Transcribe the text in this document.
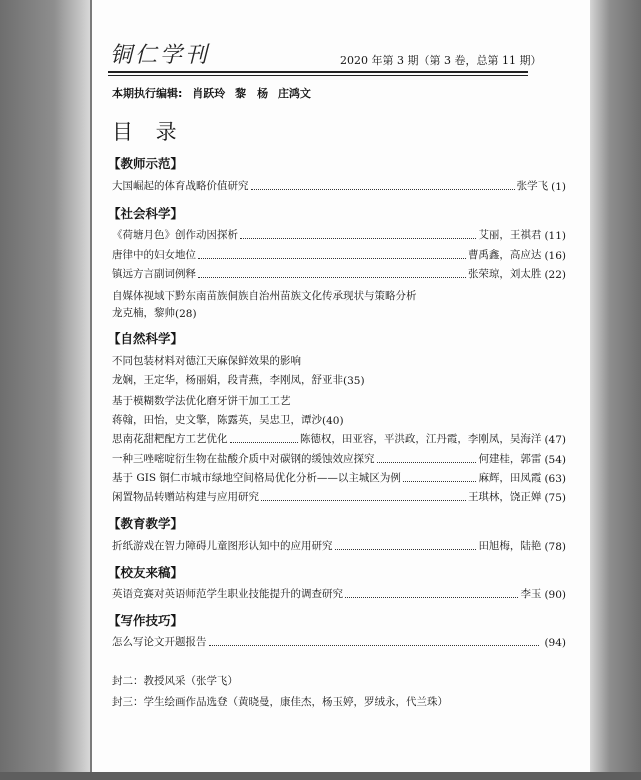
铜仁学刊	2020 年第 3 期（第 3 卷，总第 11 期）
本期执行编辑: 肖跃玲 黎　杨 庄鸿文
目 录
【教师示范】
大国崛起的体育战略价值研究	张学飞 (1)
【社会科学】
《荷塘月色》创作动因探析	艾丽，王祺君 (11)
唐律中的妇女地位	曹禹鑫，高应达 (16)
镇远方言副词例释	张荣琼，刘太胜 (22)
自媒体视域下黔东南苗族侗族自治州苗族文化传承现状与策略分析
龙克楠，黎帅 (28)
【自然科学】
不同包装材料对德江天麻保鲜效果的影响
龙娴，王定华，杨丽娟，段青燕，李刚凤，舒亚非 (35)
基于模糊数学法优化磨牙饼干加工工艺
蒋翰，田怡，史文擎，陈露英，吴忠卫，谭沙 (40)
思南花甜粑配方工艺优化	陈德权，田亚容，平洪政，江丹霞，李刚凤，吴海洋 (47)
一种三唑嘧啶衍生物在盐酸介质中对碳钢的缓蚀效应探究	何建桂，郭雷 (54)
基于 GIS 铜仁市城市绿地空间格局优化分析——以主城区为例	麻辉，田凤霞 (63)
闲置物品转赠站构建与应用研究	王琪林，饶正婵 (75)
【教育教学】
折纸游戏在智力障碍儿童图形认知中的应用研究	田旭梅，陆艳 (78)
【校友来稿】
英语竞赛对英语师范学生职业技能提升的调查研究	李玉 (90)
【写作技巧】
怎么写论文开题报告	(94)
封二：教授风采（张学飞）
封三：学生绘画作品选登（黄晓曼，康佳杰，杨玉婷，罗绒永，代兰珠）
